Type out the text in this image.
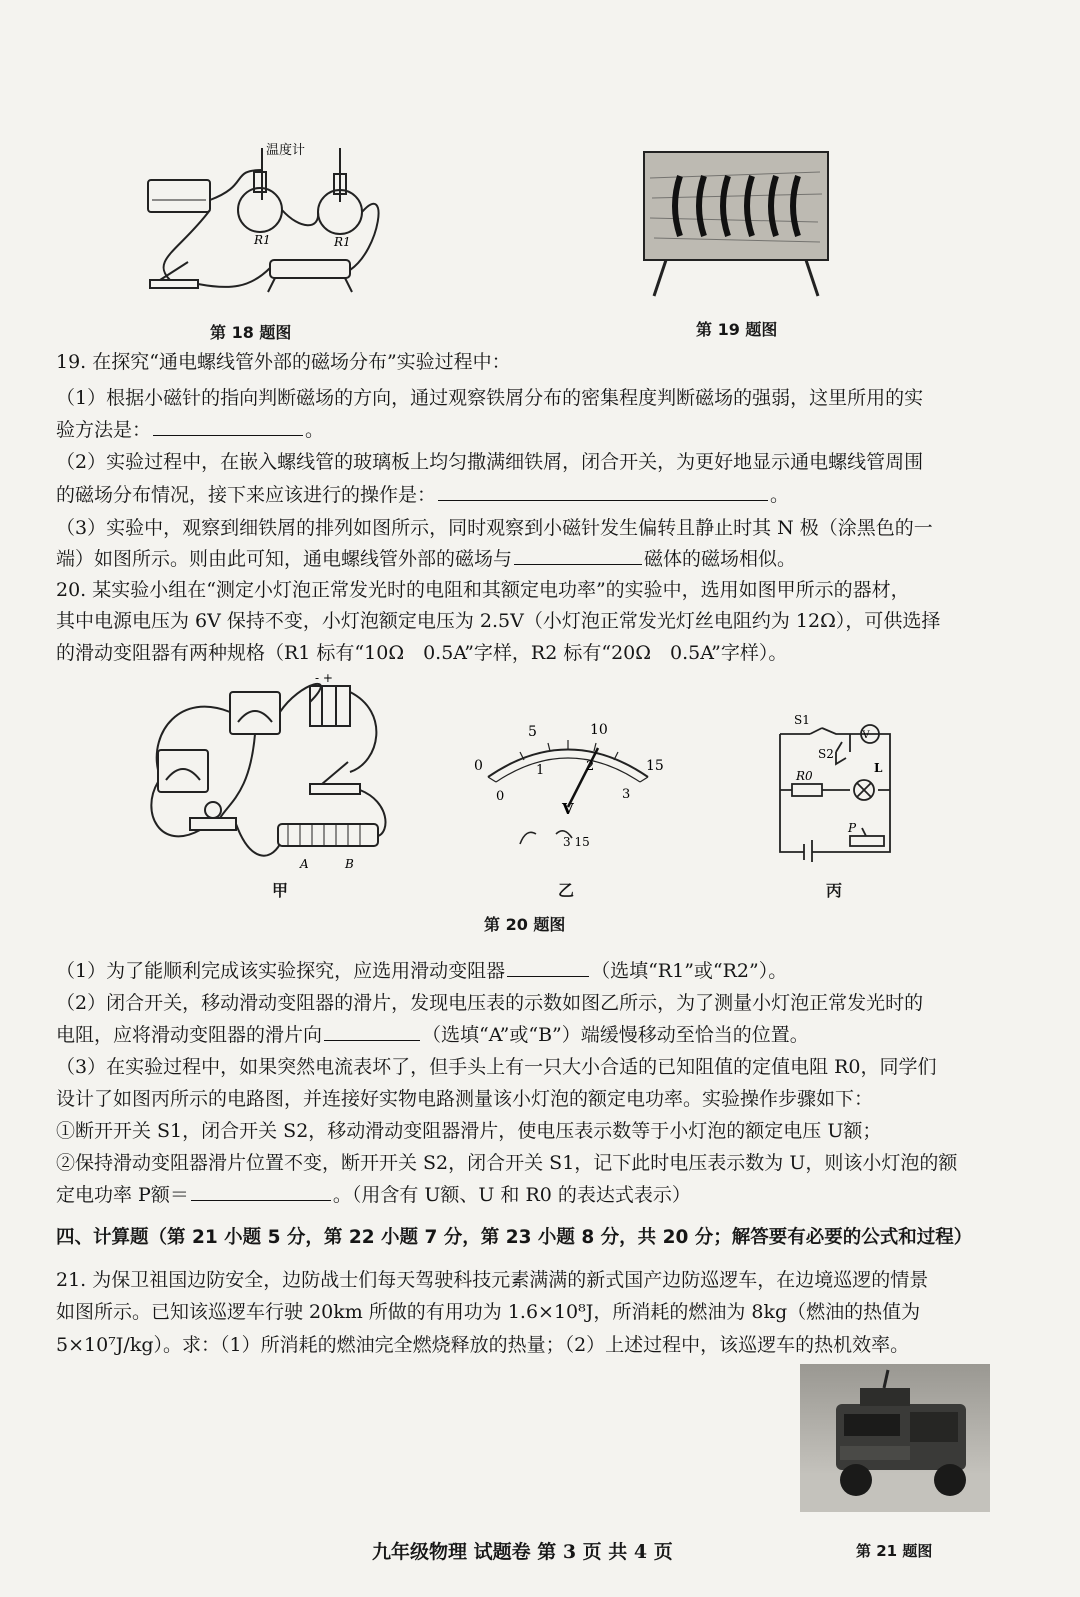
温度计
R1	R1
第 18 题图	第 19 题图
19. 在探究“通电螺线管外部的磁场分布”实验过程中：
（1）根据小磁针的指向判断磁场的方向，通过观察铁屑分布的密集程度判断磁场的强弱，这里所用的实
验方法是：	。
（2）实验过程中，在嵌入螺线管的玻璃板上均匀撒满细铁屑，闭合开关，为更好地显示通电螺线管周围
的磁场分布情况，接下来应该进行的操作是：	。
（3）实验中，观察到细铁屑的排列如图所示，同时观察到小磁针发生偏转且静止时其 N 极（涂黑色的一
端）如图所示。则由此可知，通电螺线管外部的磁场与	磁体的磁场相似。
20. 某实验小组在“测定小灯泡正常发光时的电阻和其额定电功率”的实验中，选用如图甲所示的器材，
其中电源电压为 6V 保持不变，小灯泡额定电压为 2.5V（小灯泡正常发光灯丝电阻约为 12Ω），可供选择
的滑动变阻器有两种规格（R1 标有“10Ω　0.5A”字样，R2 标有“20Ω　0.5A”字样）。
- +
A	B
甲
0
5	10
15
0
1	2
3
V
3 15
乙
S1
S2
V
R0
L
P
丙
第 20 题图
（1）为了能顺利完成该实验探究，应选用滑动变阻器	（选填“R1”或“R2”）。
（2）闭合开关，移动滑动变阻器的滑片，发现电压表的示数如图乙所示，为了测量小灯泡正常发光时的
电阻，应将滑动变阻器的滑片向	（选填“A”或“B”）端缓慢移动至恰当的位置。
（3）在实验过程中，如果突然电流表坏了，但手头上有一只大小合适的已知阻值的定值电阻 R0，同学们
设计了如图丙所示的电路图，并连接好实物电路测量该小灯泡的额定电功率。实验操作步骤如下：
①断开开关 S1，闭合开关 S2，移动滑动变阻器滑片，使电压表示数等于小灯泡的额定电压 U额；
②保持滑动变阻器滑片位置不变，断开开关 S2，闭合开关 S1，记下此时电压表示数为 U，则该小灯泡的额
定电功率 P额＝	。（用含有 U额、U 和 R0 的表达式表示）
四、计算题（第 21 小题 5 分，第 22 小题 7 分，第 23 小题 8 分，共 20 分；解答要有必要的公式和过程）
21. 为保卫祖国边防安全，边防战士们每天驾驶科技元素满满的新式国产边防巡逻车，在边境巡逻的情景
如图所示。已知该巡逻车行驶 20km 所做的有用功为 1.6×10⁸J，所消耗的燃油为 8kg（燃油的热值为
5×10⁷J/kg）。求：（1）所消耗的燃油完全燃烧释放的热量；（2）上述过程中，该巡逻车的热机效率。
第 21 题图
九年级物理 试题卷 第 3 页 共 4 页
